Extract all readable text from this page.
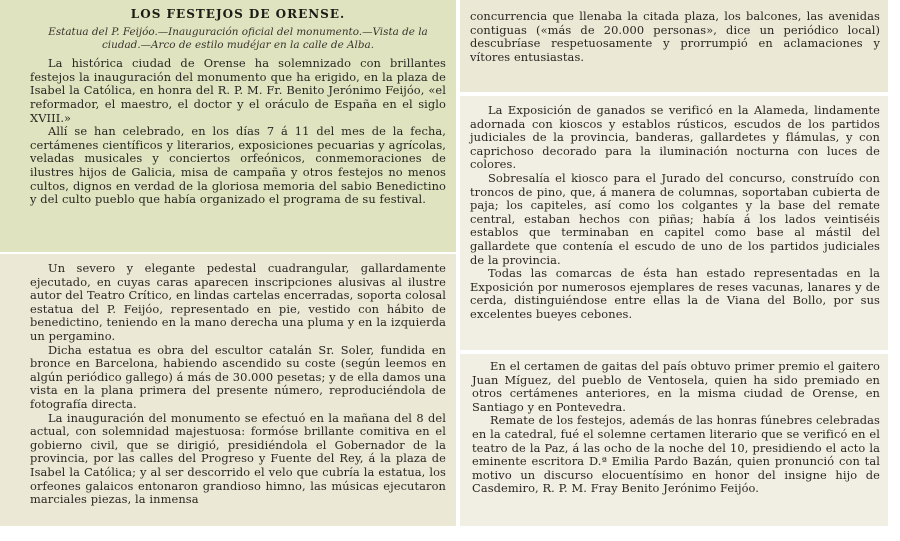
LOS FESTEJOS DE ORENSE.
Estatua del P. Feijóo.—Inauguración oficial del monumento.—Vista de la ciudad.—Arco de estilo mudéjar en la calle de Alba.

La histórica ciudad de Orense ha solemnizado con brillantes festejos la inauguración del monumento que ha erigido, en la plaza de Isabel la Católica, en honra del R. P. M. Fr. Benito Jerónimo Feijóo, «el reformador, el maestro, el doctor y el oráculo de España en el siglo XVIII.»

Allí se han celebrado, en los días 7 á 11 del mes de la fecha, certámenes científicos y literarios, exposiciones pecuarias y agrícolas, veladas musicales y conciertos orfeónicos, conmemoraciones de ilustres hijos de Galicia, misa de campaña y otros festejos no menos cultos, dignos en verdad de la gloriosa memoria del sabio Benedictino y del culto pueblo que había organizado el programa de su festival.

Un severo y elegante pedestal cuadrangular, gallardamente ejecutado, en cuyas caras aparecen inscripciones alusivas al ilustre autor del Teatro Crítico, en lindas cartelas encerradas, soporta colosal estatua del P. Feijóo, representado en pie, vestido con hábito de benedictino, teniendo en la mano derecha una pluma y en la izquierda un pergamino.

Dicha estatua es obra del escultor catalán Sr. Soler, fundida en bronce en Barcelona, habiendo ascendido su coste (según leemos en algún periódico gallego) á más de 30.000 pesetas; y de ella damos una vista en la plana primera del presente número, reproduciéndola de fotografía directa.

La inauguración del monumento se efectuó en la mañana del 8 del actual, con solemnidad majestuosa: formóse brillante comitiva en el gobierno civil, que se dirigió, presidiéndola el Gobernador de la provincia, por las calles del Progreso y Fuente del Rey, á la plaza de Isabel la Católica; y al ser descorrido el velo que cubría la estatua, los orfeones galaicos entonaron grandioso himno, las músicas ejecutaron marciales piezas, la inmensa

concurrencia que llenaba la citada plaza, los balcones, las avenidas contiguas («más de 20.000 personas», dice un periódico local) descubríase respetuosamente y prorrumpió en aclamaciones y vítores entusiastas.

La Exposición de ganados se verificó en la Alameda, lindamente adornada con kioscos y establos rústicos, escudos de los partidos judiciales de la provincia, banderas, gallardetes y flámulas, y con caprichoso decorado para la iluminación nocturna con luces de colores.

Sobresalía el kiosco para el Jurado del concurso, construído con troncos de pino, que, á manera de columnas, soportaban cubierta de paja; los capiteles, así como los colgantes y la base del remate central, estaban hechos con piñas; había á los lados veintiséis establos que terminaban en capitel como base al mástil del gallardete que contenía el escudo de uno de los partidos judiciales de la provincia.

Todas las comarcas de ésta han estado representadas en la Exposición por numerosos ejemplares de reses vacunas, lanares y de cerda, distinguiéndose entre ellas la de Viana del Bollo, por sus excelentes bueyes cebones.

En el certamen de gaitas del país obtuvo primer premio el gaitero Juan Míguez, del pueblo de Ventosela, quien ha sido premiado en otros certámenes anteriores, en la misma ciudad de Orense, en Santiago y en Pontevedra.

Remate de los festejos, además de las honras fúnebres celebradas en la catedral, fué el solemne certamen literario que se verificó en el teatro de la Paz, á las ocho de la noche del 10, presidiendo el acto la eminente escritora D.ª Emilia Pardo Bazán, quien pronunció con tal motivo un discurso elocuentísimo en honor del insigne hijo de Casdemiro, R. P. M. Fray Benito Jerónimo Feijóo.
